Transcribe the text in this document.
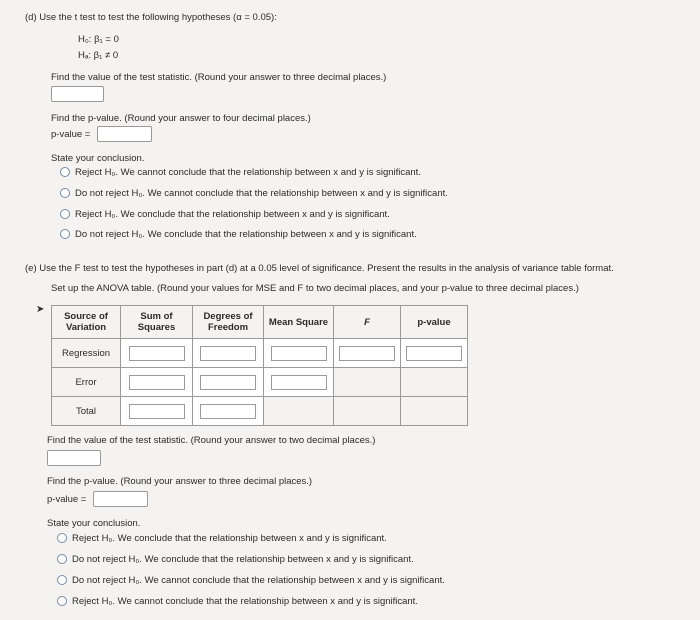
(d) Use the t test to test the following hypotheses (α = 0.05):
H₀: β₁ = 0
Hₐ: β₁ ≠ 0
Find the value of the test statistic. (Round your answer to three decimal places.)
Find the p-value. (Round your answer to four decimal places.)
p-value =
State your conclusion.
Reject H₀. We cannot conclude that the relationship between x and y is significant.
Do not reject H₀. We cannot conclude that the relationship between x and y is significant.
Reject H₀. We conclude that the relationship between x and y is significant.
Do not reject H₀. We conclude that the relationship between x and y is significant.
(e) Use the F test to test the hypotheses in part (d) at a 0.05 level of significance. Present the results in the analysis of variance table format.
Set up the ANOVA table. (Round your values for MSE and F to two decimal places, and your p-value to three decimal places.)
➤
Source of Variation	Sum of Squares	Degrees of Freedom	Mean Square	F	p-value
Regression					
Error					
Total					
Find the value of the test statistic. (Round your answer to two decimal places.)
Find the p-value. (Round your answer to three decimal places.)
p-value =
State your conclusion.
Reject H₀. We conclude that the relationship between x and y is significant.
Do not reject H₀. We conclude that the relationship between x and y is significant.
Do not reject H₀. We cannot conclude that the relationship between x and y is significant.
Reject H₀. We cannot conclude that the relationship between x and y is significant.
